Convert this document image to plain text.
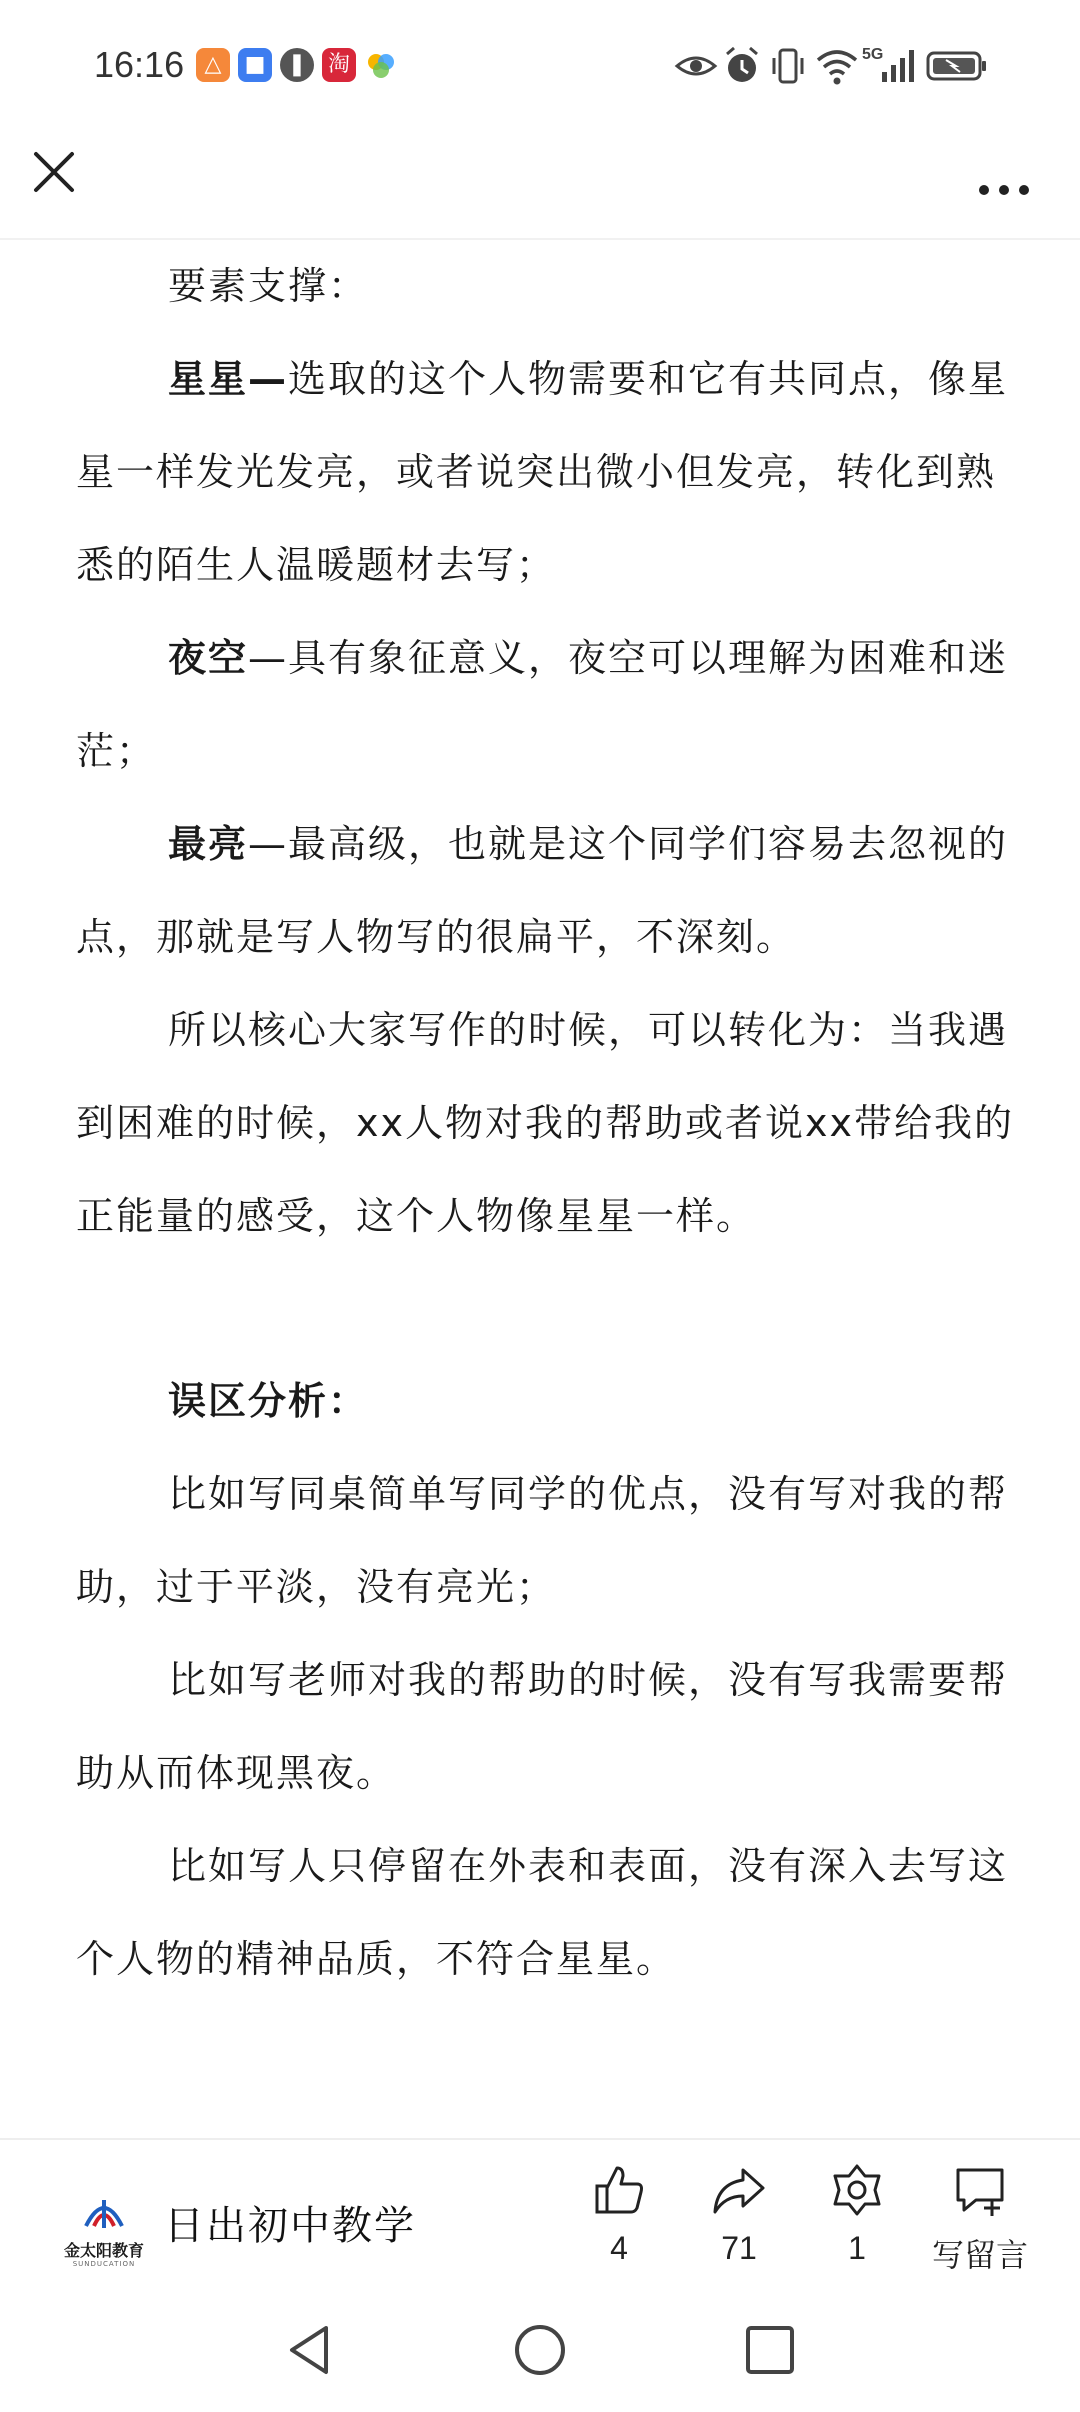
16:16 △	■	❚ 淘	5G

要素支撑：

星星—选取的这个人物需要和它有共同点，像星星一样发光发亮，或者说突出微小但发亮，转化到熟悉的陌生人温暖题材去写；

夜空—具有象征意义，夜空可以理解为困难和迷茫；

最亮—最高级，也就是这个同学们容易去忽视的点，那就是写人物写的很扁平，不深刻。

所以核心大家写作的时候，可以转化为：当我遇到困难的时候，xx人物对我的帮助或者说xx带给我的正能量的感受，这个人物像星星一样。

误区分析：

比如写同桌简单写同学的优点，没有写对我的帮助，过于平淡，没有亮光；

比如写老师对我的帮助的时候，没有写我需要帮助从而体现黑夜。

比如写人只停留在外表和表面，没有深入去写这个人物的精神品质，不符合星星。

金太阳教育
SUNDUCATION
日出初中教学	4	71	1	写留言
